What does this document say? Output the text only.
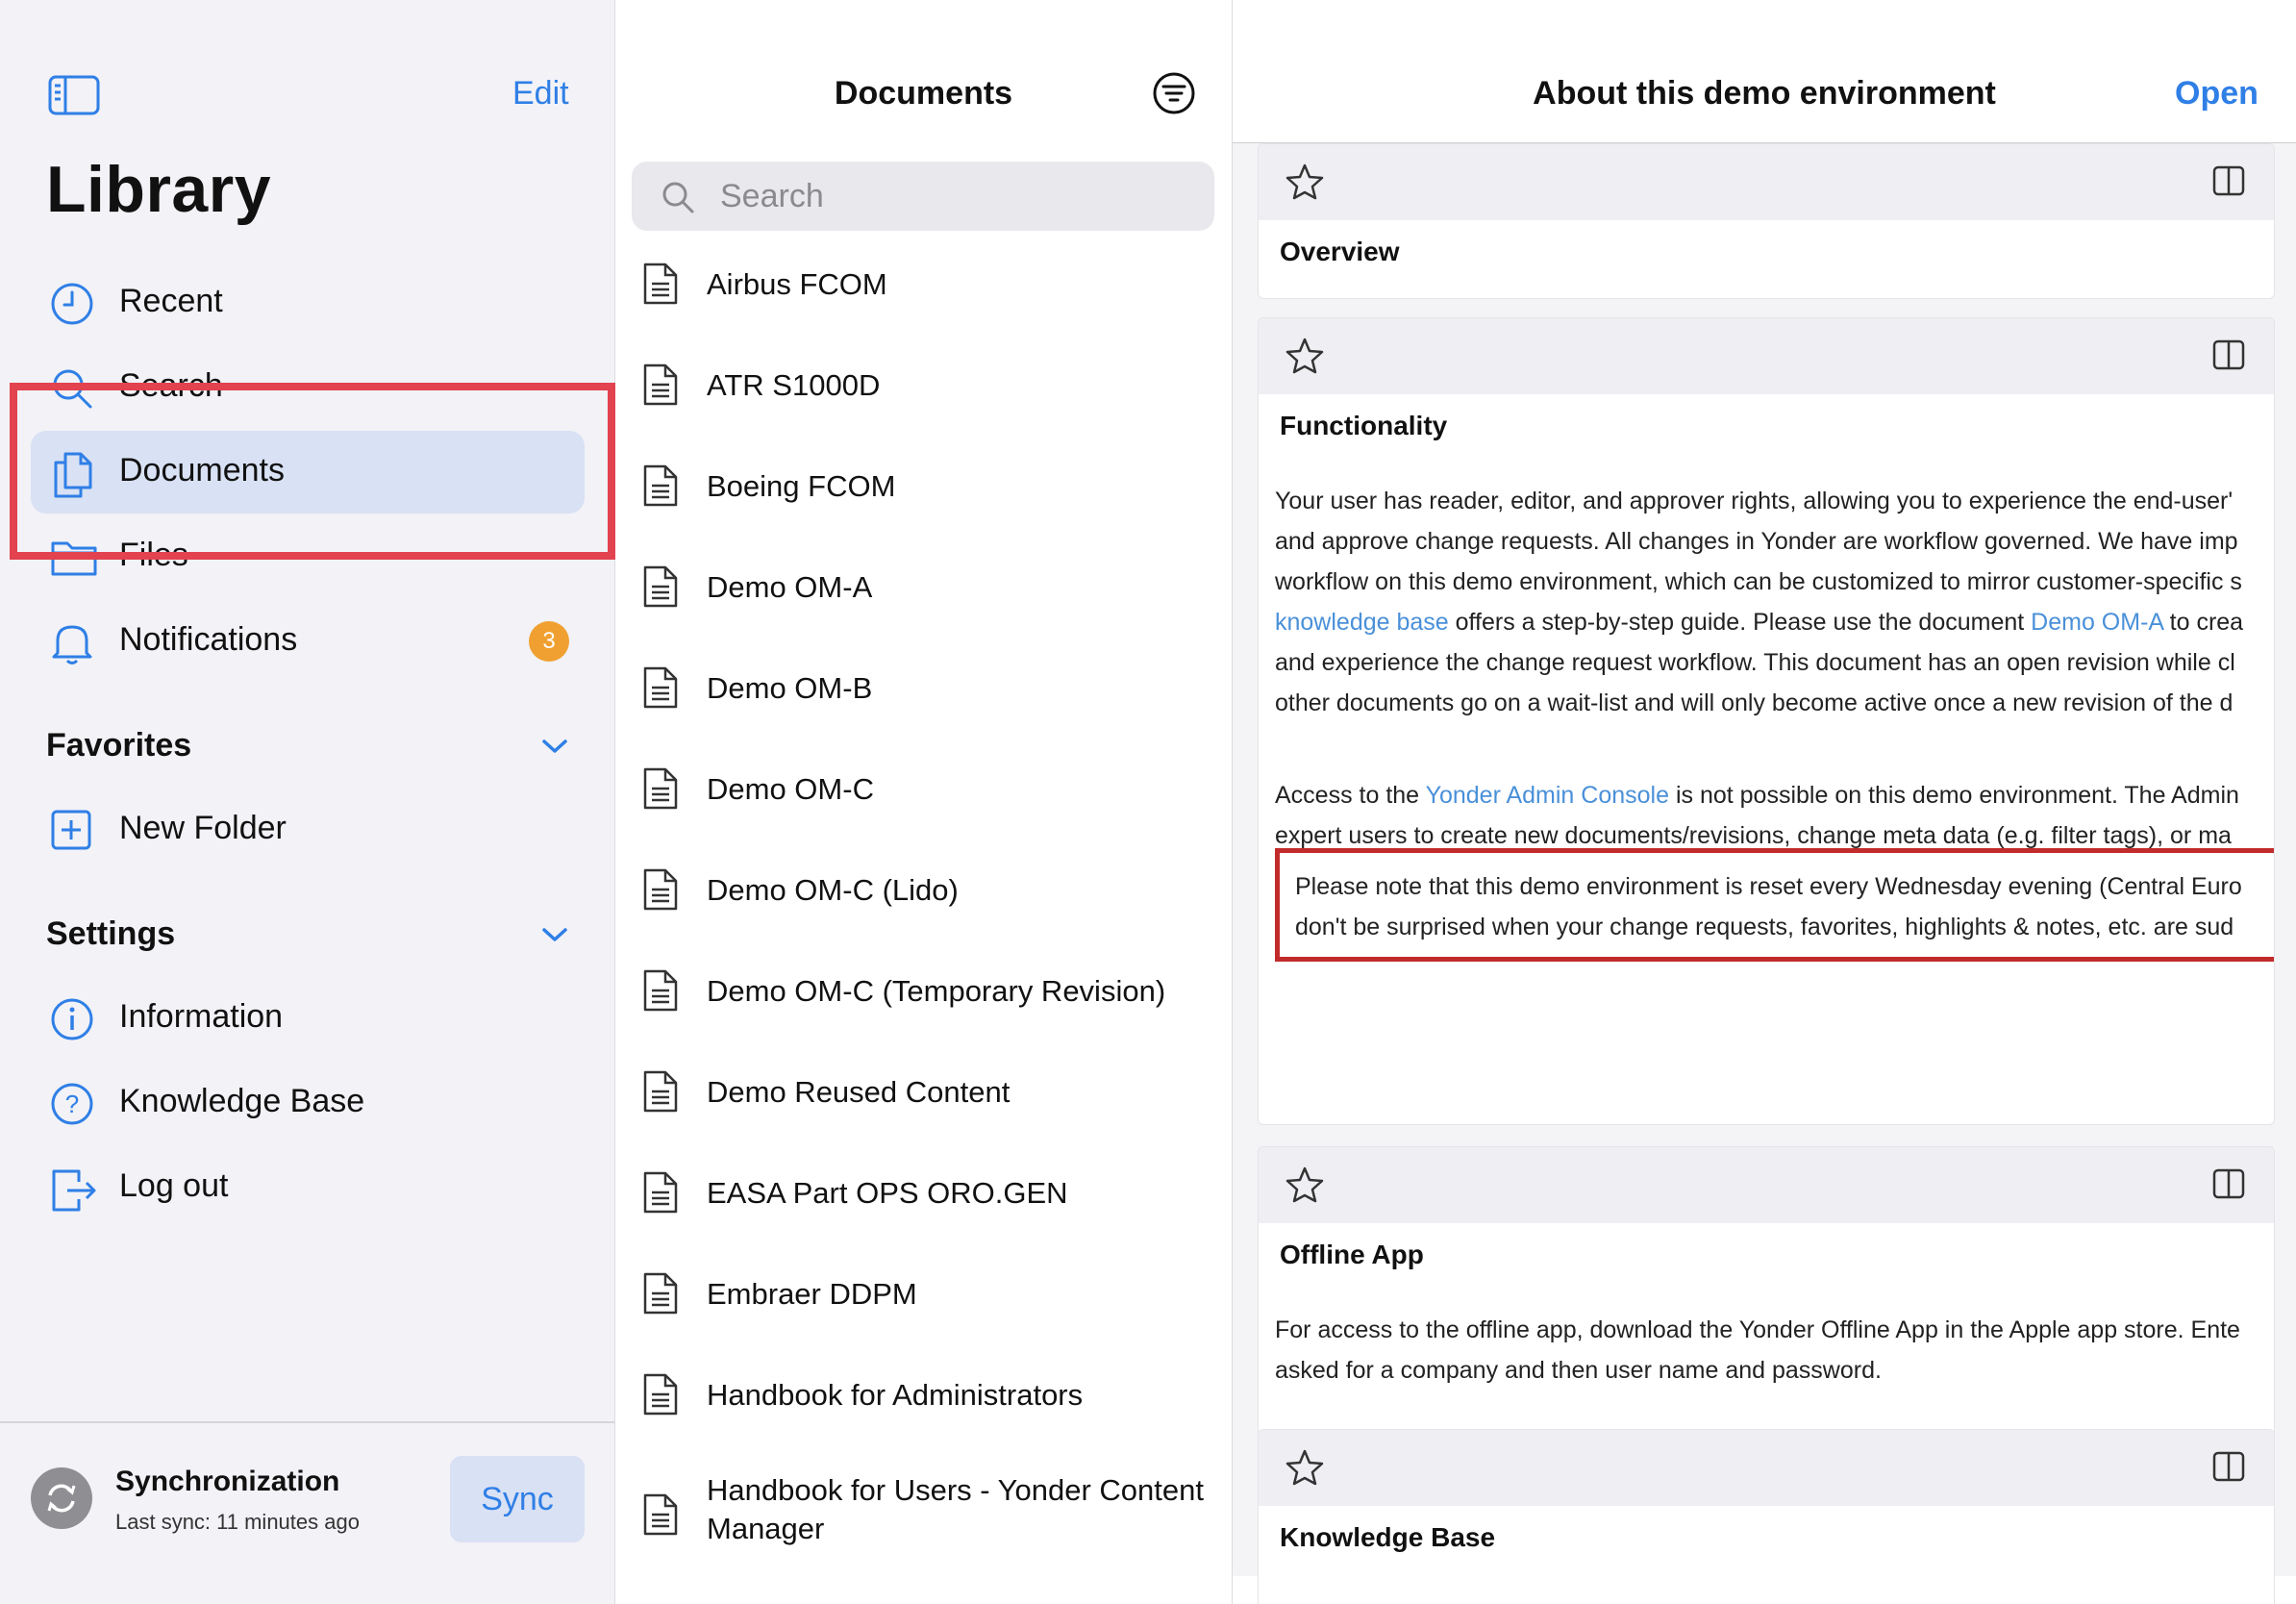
Edit
Library
Recent
Search
Files
Documents
Notifications	3
Favorites
New Folder
Settings
Information
? Knowledge Base
Log out
Synchronization
Last sync: 11 minutes ago
Sync
Documents
Search
Airbus FCOM
ATR S1000D
Boeing FCOM
Demo OM-A
Demo OM-B
Demo OM-C
Demo OM-C (Lido)
Demo OM-C (Temporary Revision)
Demo Reused Content
EASA Part OPS ORO.GEN
Embraer DDPM
Handbook for Administrators
Handbook for Users - Yonder Content Manager
About this demo environment	Open
Overview
Functionality
Your user has reader, editor, and approver rights, allowing you to experience the end-user'
and approve change requests. All changes in Yonder are workflow governed. We have imp
workflow on this demo environment, which can be customized to mirror customer-specific s
knowledge base offers a step-by-step guide. Please use the document Demo OM-A to crea
and experience the change request workflow. This document has an open revision while cl
other documents go on a wait-list and will only become active once a new revision of the d
Access to the Yonder Admin Console is not possible on this demo environment. The Admin
expert users to create new documents/revisions, change meta data (e.g. filter tags), or ma
Please note that this demo environment is reset every Wednesday evening (Central Euro
don't be surprised when your change requests, favorites, highlights & notes, etc. are sud
Offline App
For access to the offline app, download the Yonder Offline App in the Apple app store. Ente
asked for a company and then user name and password.
Knowledge Base
